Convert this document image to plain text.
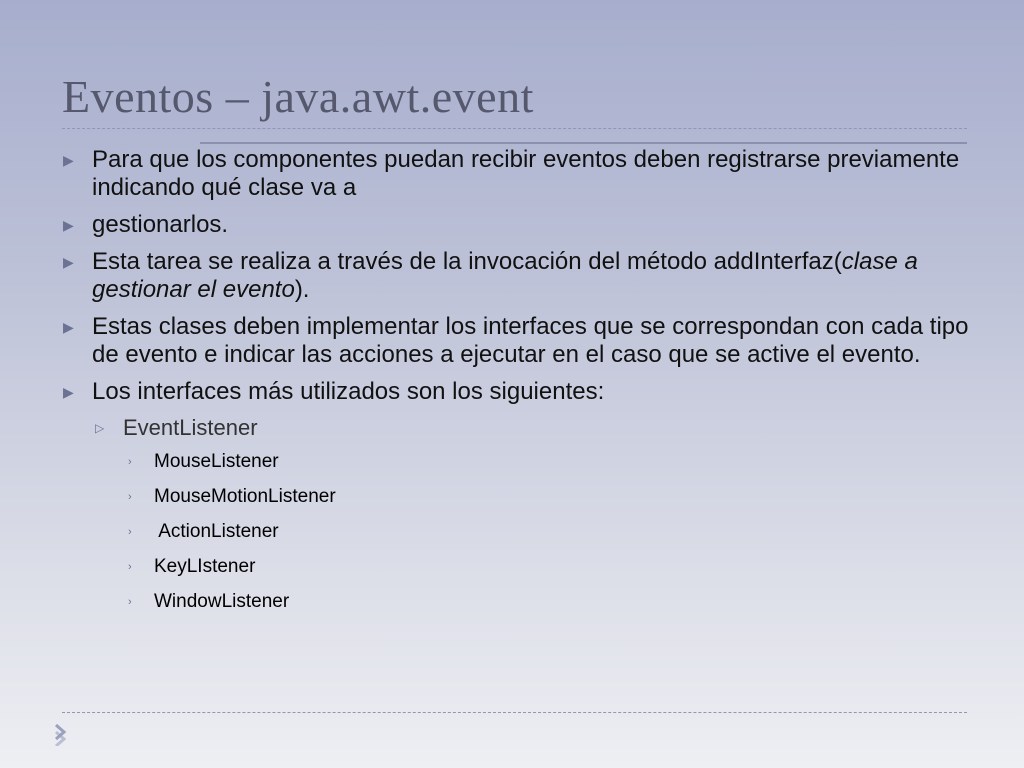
Eventos – java.awt.event

▶ Para que los componentes puedan recibir eventos deben registrarse previamente indicando qué clase va a

▶ gestionarlos.

▶ Esta tarea se realiza a través de la invocación del método addInterfaz(clase a gestionar el evento).

▶ Estas clases deben implementar los interfaces que se correspondan con cada tipo de evento e indicar las acciones a ejecutar en el caso que se active el evento.

▶ Los interfaces más utilizados son los siguientes:

▷ EventListener

› MouseListener

› MouseMotionListener

› ActionListener

› KeyLIstener

› WindowListener
